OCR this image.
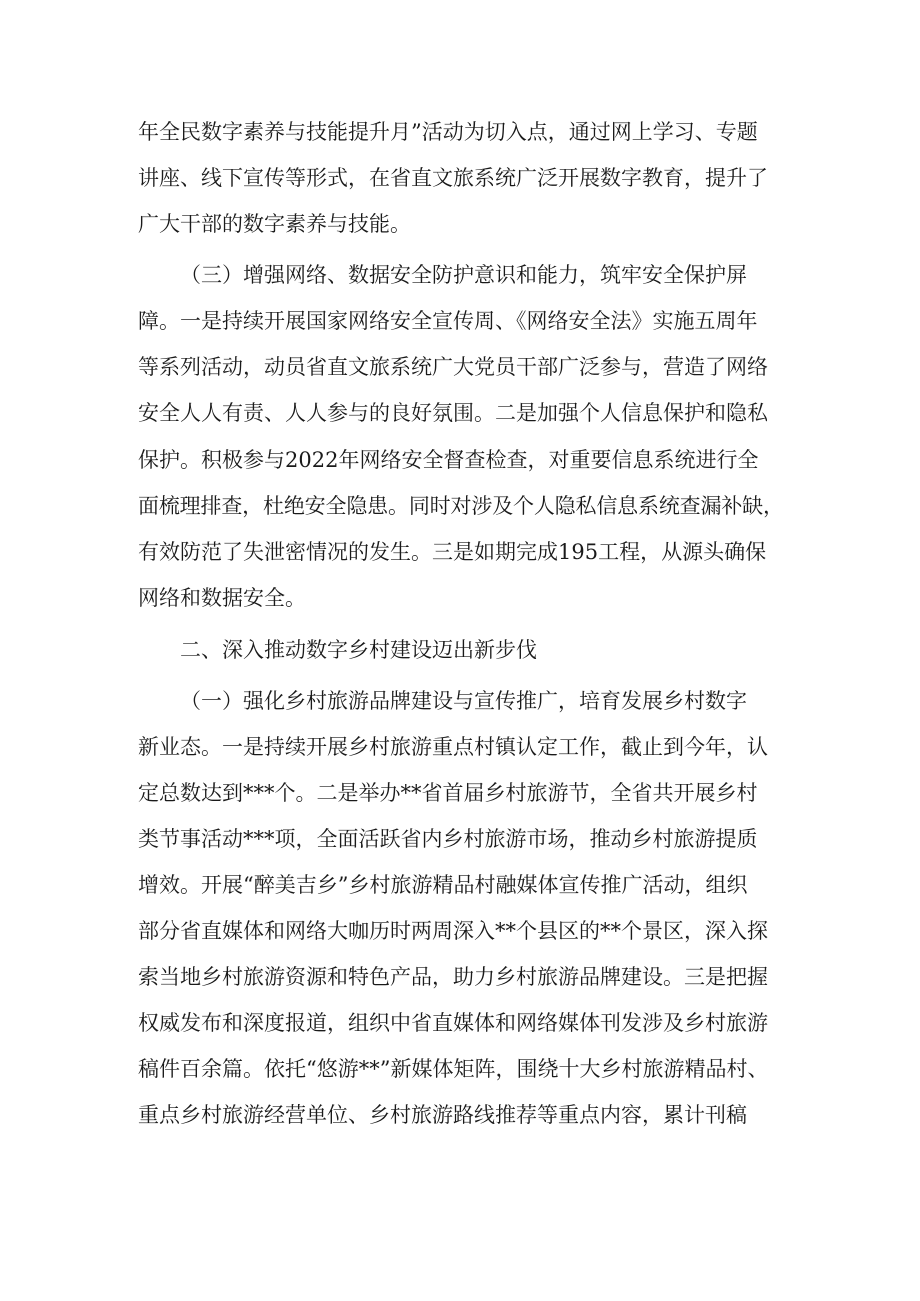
年全民数字素养与技能提升月”活动为切入点，通过网上学习、专题
讲座、线下宣传等形式，在省直文旅系统广泛开展数字教育，提升了
广大干部的数字素养与技能。
（三）增强网络、数据安全防护意识和能力，筑牢安全保护屏
障。一是持续开展国家网络安全宣传周、《网络安全法》实施五周年
等系列活动，动员省直文旅系统广大党员干部广泛参与，营造了网络
安全人人有责、人人参与的良好氛围。二是加强个人信息保护和隐私
保护。积极参与2022年网络安全督查检查，对重要信息系统进行全
面梳理排查，杜绝安全隐患。同时对涉及个人隐私信息系统查漏补缺，
有效防范了失泄密情况的发生。三是如期完成195工程，从源头确保
网络和数据安全。
二、深入推动数字乡村建设迈出新步伐
（一）强化乡村旅游品牌建设与宣传推广，培育发展乡村数字
新业态。一是持续开展乡村旅游重点村镇认定工作，截止到今年，认
定总数达到***个。二是举办**省首届乡村旅游节，全省共开展乡村
类节事活动***项，全面活跃省内乡村旅游市场，推动乡村旅游提质
增效。开展“醉美吉乡”乡村旅游精品村融媒体宣传推广活动，组织
部分省直媒体和网络大咖历时两周深入**个县区的**个景区，深入探
索当地乡村旅游资源和特色产品，助力乡村旅游品牌建设。三是把握
权威发布和深度报道，组织中省直媒体和网络媒体刊发涉及乡村旅游
稿件百余篇。依托“悠游**”新媒体矩阵，围绕十大乡村旅游精品村、
重点乡村旅游经营单位、乡村旅游路线推荐等重点内容，累计刊稿
